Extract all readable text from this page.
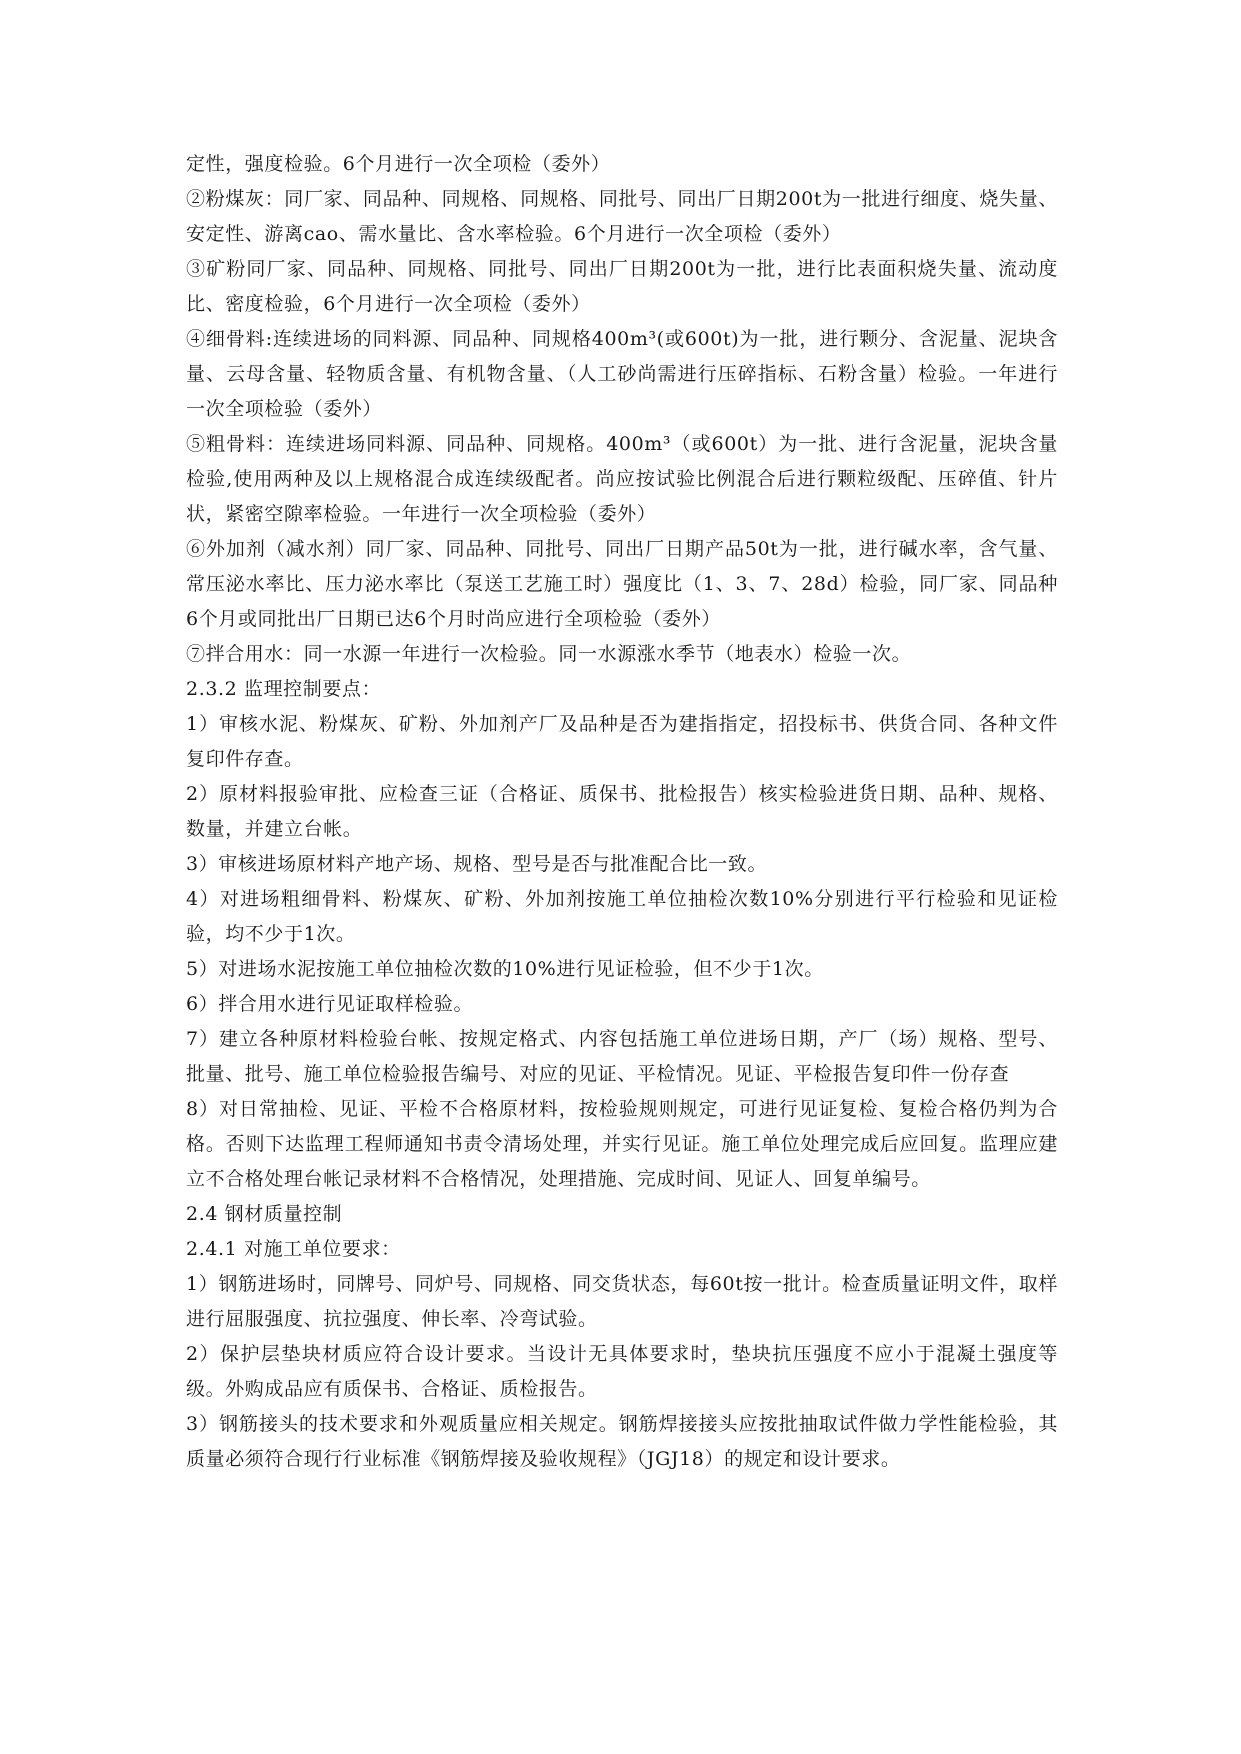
定性，强度检验。6个月进行一次全项检（委外）

②粉煤灰：同厂家、同品种、同规格、同规格、同批号、同出厂日期200t为一批进行细度、烧失量、安定性、游离cao、需水量比、含水率检验。6个月进行一次全项检（委外）

③矿粉同厂家、同品种、同规格、同批号、同出厂日期200t为一批，进行比表面积烧失量、流动度比、密度检验，6个月进行一次全项检（委外）

④细骨料:连续进场的同料源、同品种、同规格400m³(或600t)为一批，进行颗分、含泥量、泥块含量、云母含量、轻物质含量、有机物含量、（人工砂尚需进行压碎指标、石粉含量）检验。一年进行一次全项检验（委外）

⑤粗骨料：连续进场同料源、同品种、同规格。400m³（或600t）为一批、进行含泥量，泥块含量检验,使用两种及以上规格混合成连续级配者。尚应按试验比例混合后进行颗粒级配、压碎值、针片状，紧密空隙率检验。一年进行一次全项检验（委外）

⑥外加剂（减水剂）同厂家、同品种、同批号、同出厂日期产品50t为一批，进行碱水率，含气量、常压泌水率比、压力泌水率比（泵送工艺施工时）强度比（1、3、7、28d）检验，同厂家、同品种6个月或同批出厂日期已达6个月时尚应进行全项检验（委外）

⑦拌合用水：同一水源一年进行一次检验。同一水源涨水季节（地表水）检验一次。

2.3.2 监理控制要点：

1）审核水泥、粉煤灰、矿粉、外加剂产厂及品种是否为建指指定，招投标书、供货合同、各种文件复印件存查。

2）原材料报验审批、应检查三证（合格证、质保书、批检报告）核实检验进货日期、品种、规格、数量，并建立台帐。

3）审核进场原材料产地产场、规格、型号是否与批准配合比一致。

4）对进场粗细骨料、粉煤灰、矿粉、外加剂按施工单位抽检次数10%分别进行平行检验和见证检验，均不少于1次。

5）对进场水泥按施工单位抽检次数的10%进行见证检验，但不少于1次。

6）拌合用水进行见证取样检验。

7）建立各种原材料检验台帐、按规定格式、内容包括施工单位进场日期，产厂（场）规格、型号、批量、批号、施工单位检验报告编号、对应的见证、平检情况。见证、平检报告复印件一份存查

8）对日常抽检、见证、平检不合格原材料，按检验规则规定，可进行见证复检、复检合格仍判为合格。否则下达监理工程师通知书责令清场处理，并实行见证。施工单位处理完成后应回复。监理应建立不合格处理台帐记录材料不合格情况，处理措施、完成时间、见证人、回复单编号。

2.4 钢材质量控制

2.4.1 对施工单位要求：

1）钢筋进场时，同牌号、同炉号、同规格、同交货状态，每60t按一批计。检查质量证明文件，取样进行屈服强度、抗拉强度、伸长率、冷弯试验。

2）保护层垫块材质应符合设计要求。当设计无具体要求时，垫块抗压强度不应小于混凝土强度等级。外购成品应有质保书、合格证、质检报告。

3）钢筋接头的技术要求和外观质量应相关规定。钢筋焊接接头应按批抽取试件做力学性能检验，其质量必须符合现行行业标准《钢筋焊接及验收规程》（JGJ18）的规定和设计要求。
